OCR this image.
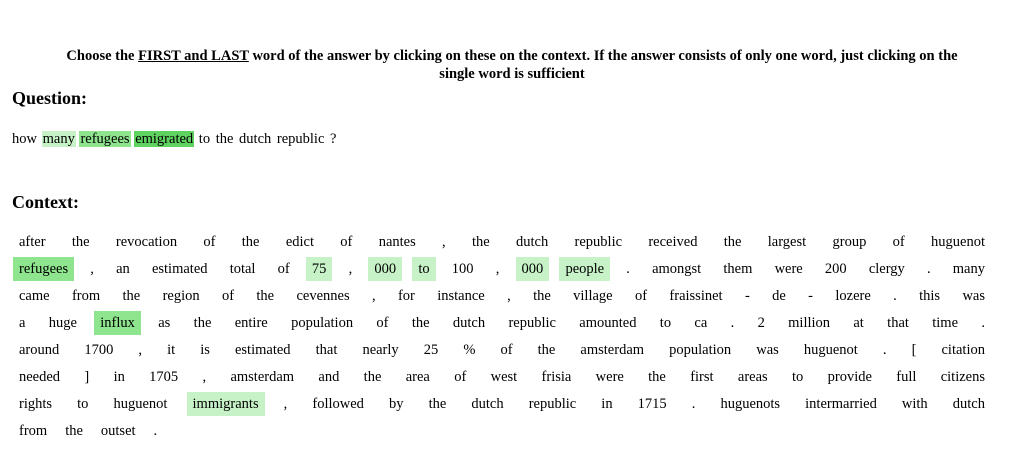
Choose the FIRST and LAST word of the answer by clicking on these on the context. If the answer consists of only one word, just clicking on the
single word is sufficient
Question:
how many refugees emigrated to the dutch republic ?
Context:
after	the	revocation	of	the	edict	of	nantes	,	the	dutch	republic	received	the	largest	group	of	huguenot
refugees	,	an	estimated	total	of	75	,	000	to	100	,	000	people	.	amongst	them	were	200	clergy	.	many
came	from	the	region	of	the	cevennes	,	for	instance	,	the	village	of	fraissinet	-	de	-	lozere	.	this	was
a	huge	influx	as	the	entire	population	of	the	dutch	republic	amounted	to	ca	.	2	million	at	that	time	.
around	1700	,	it	is	estimated	that	nearly	25	%	of	the	amsterdam	population	was	huguenot	.	[	citation
needed	]	in	1705	,	amsterdam	and	the	area	of	west	frisia	were	the	first	areas	to	provide	full	citizens
rights	to	huguenot	immigrants	,	followed	by	the	dutch	republic	in	1715	.	huguenots	intermarried	with	dutch
from	the	outset	.
